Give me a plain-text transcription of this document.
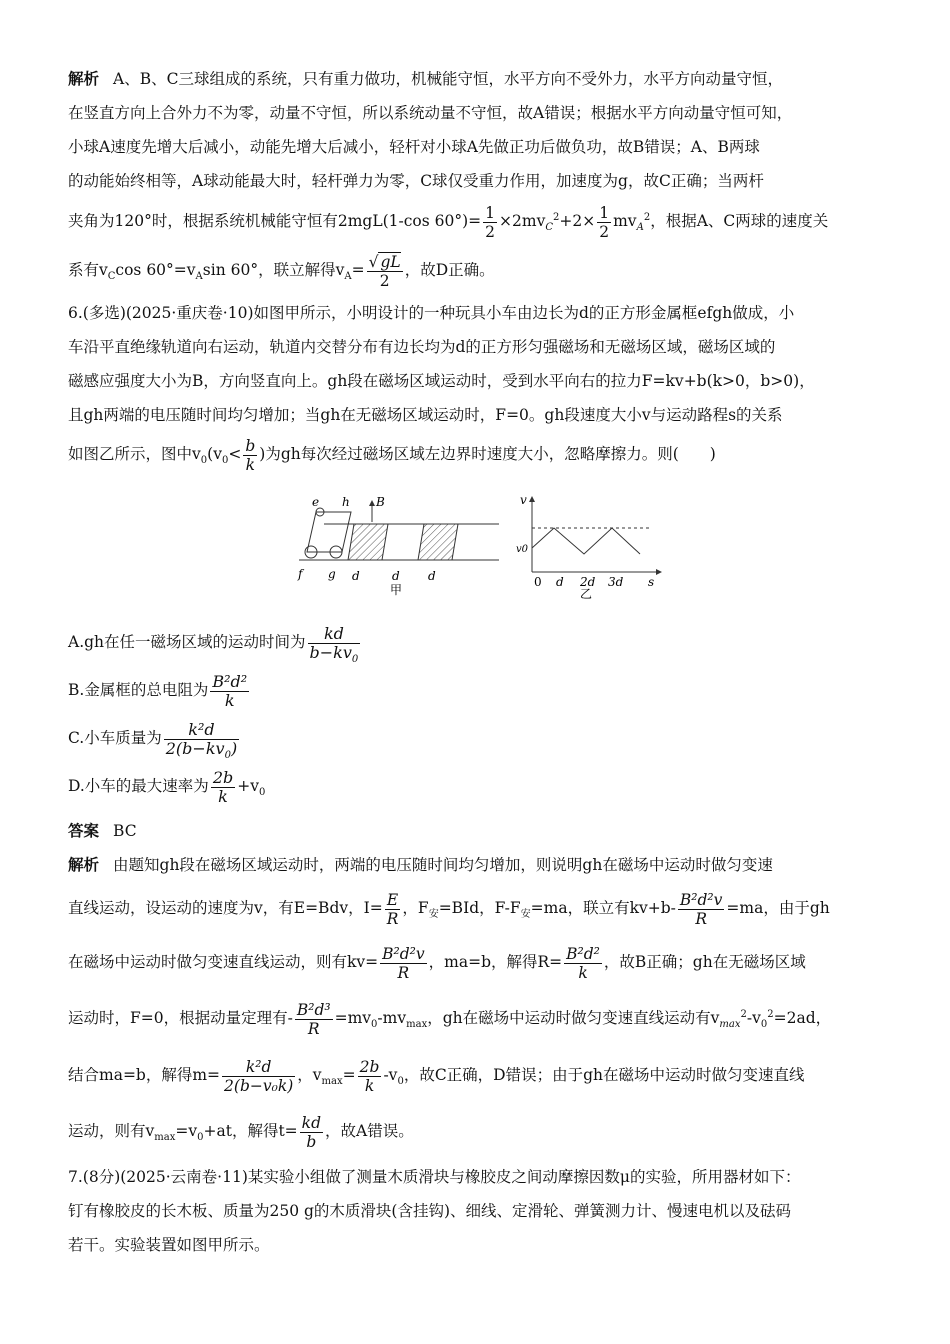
解析 A、B、C三球组成的系统，只有重力做功，机械能守恒，水平方向不受外力，水平方向动量守恒，

在竖直方向上合外力不为零，动量不守恒，所以系统动量不守恒，故A错误；根据水平方向动量守恒可知，

小球A速度先增大后减小，动能先增大后减小，轻杆对小球A先做正功后做负功，故B错误；A、B两球

的动能始终相等，A球动能最大时，轻杆弹力为零，C球仅受重力作用，加速度为g，故C正确；当两杆

夹角为120°时，根据系统机械能守恒有2mgL(1-cos $60^\circ)= \frac{1}{2} \times 2mv_C^2+2\times \frac{1}{2} mv_A^2$，根据A、C两球的速度关

系有$v_C\cos$ $60^\circ=v_A\sin$ 60°，联立解得$v_A= \frac{√ gL}{2}$ ，故D正确。

6.(多选)(2025·重庆卷·10)如图甲所示，小明设计的一种玩具小车由边长为d的正方形金属框efgh做成，小

车沿平直绝缘轨道向右运动，轨道内交替分布有边长均为d的正方形匀强磁场和无磁场区域，磁场区域的

磁感应强度大小为B，方向竖直向上。gh段在磁场区域运动时，受到水平向右的拉力F=kv+b(k>0，b>0)，

且gh两端的电压随时间均匀增加；当gh在无磁场区域运动时，F=0。gh段速度大小v与运动路程s的关系

如图乙所示，图中$v_0(v_0< \frac{b}{k}$ )为gh每次经过磁场区域左边界时速度大小，忽略摩擦力。则(　　)

e h B
f g d	d d
甲
v
v0
0 d 2d 3d s
乙

A.gh在任一磁场区域的运动时间为 $\frac{kd}{b-kv_0}$

B.金属框的总电阻为 $\frac{\text{B²d²}}{k}$

C.小车质量为 $\frac{\text{k²d}}{2(b-kv_0)}$

D.小车的最大速率为 $\frac{2b}{k} +v_0$

答案 BC

解析 由题知gh段在磁场区域运动时，两端的电压随时间均匀增加，则说明gh在磁场中运动时做匀变速

直线运动，设运动的速度为v，有E=Bdv，$I= \frac{E}{R}$ ，$F_安=BId$，$F-F_安=ma$，联立有$kv+b- \frac{\text{B²d²v}}{R} =ma$，由于gh

在磁场中运动时做匀变速直线运动，则有$kv= \frac{\text{B²d²v}}{R}$ ，ma=b，解得$R= \frac{\text{B²d²}}{k}$ ，故B正确；gh在无磁场区域

运动时，F=0，根据动量定理有- $\frac{\text{B²d³}}{R} =mv_0-mv_{max}$，gh在磁场中运动时做匀变速直线运动有$v_{max}^2-v_0^2=2ad$，

结合ma=b，解得$m= \frac{\text{k²d}}{\text{2(b−v₀k)}}$ ，$v_{max}= \frac{2b}{k} -v_0$，故C正确，D错误；由于gh在磁场中运动时做匀变速直线

运动，则有$v_{max}=v_0+at$，解得$t= \frac{kd}{b}$ ，故A错误。

7.(8分)(2025·云南卷·11)某实验小组做了测量木质滑块与橡胶皮之间动摩擦因数μ的实验，所用器材如下：

钉有橡胶皮的长木板、质量为250 g的木质滑块(含挂钩)、细线、定滑轮、弹簧测力计、慢速电机以及砝码

若干。实验装置如图甲所示。
